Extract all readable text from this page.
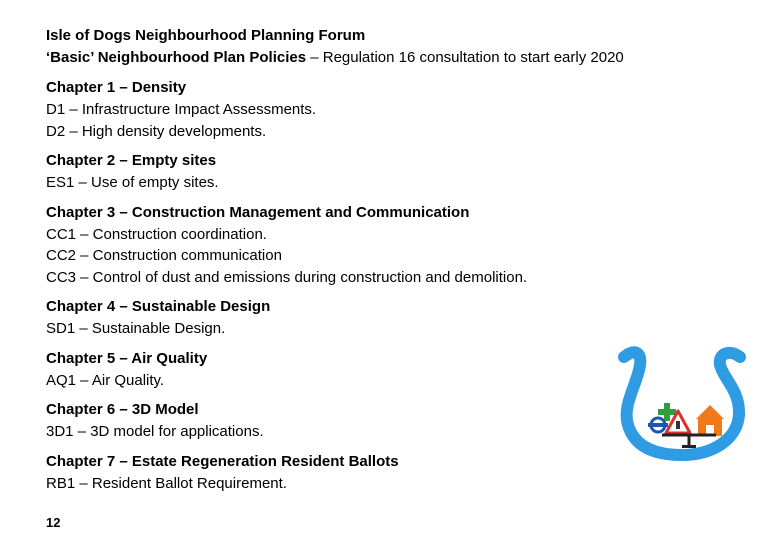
Isle of Dogs Neighbourhood Planning Forum
‘Basic’ Neighbourhood Plan Policies – Regulation 16 consultation to start early 2020
Chapter 1 – Density
D1 – Infrastructure Impact Assessments.
D2 – High density developments.
Chapter 2 – Empty sites
ES1 – Use of empty sites.
Chapter 3 – Construction Management and Communication
CC1 – Construction coordination.
CC2 – Construction communication
CC3 – Control of dust and emissions during construction and demolition.
Chapter 4 – Sustainable Design
SD1 – Sustainable Design.
Chapter 5 – Air Quality
AQ1 – Air Quality.
Chapter 6 – 3D Model
3D1 – 3D model for applications.
Chapter 7 – Estate Regeneration Resident Ballots
RB1 – Resident Ballot Requirement.
12
